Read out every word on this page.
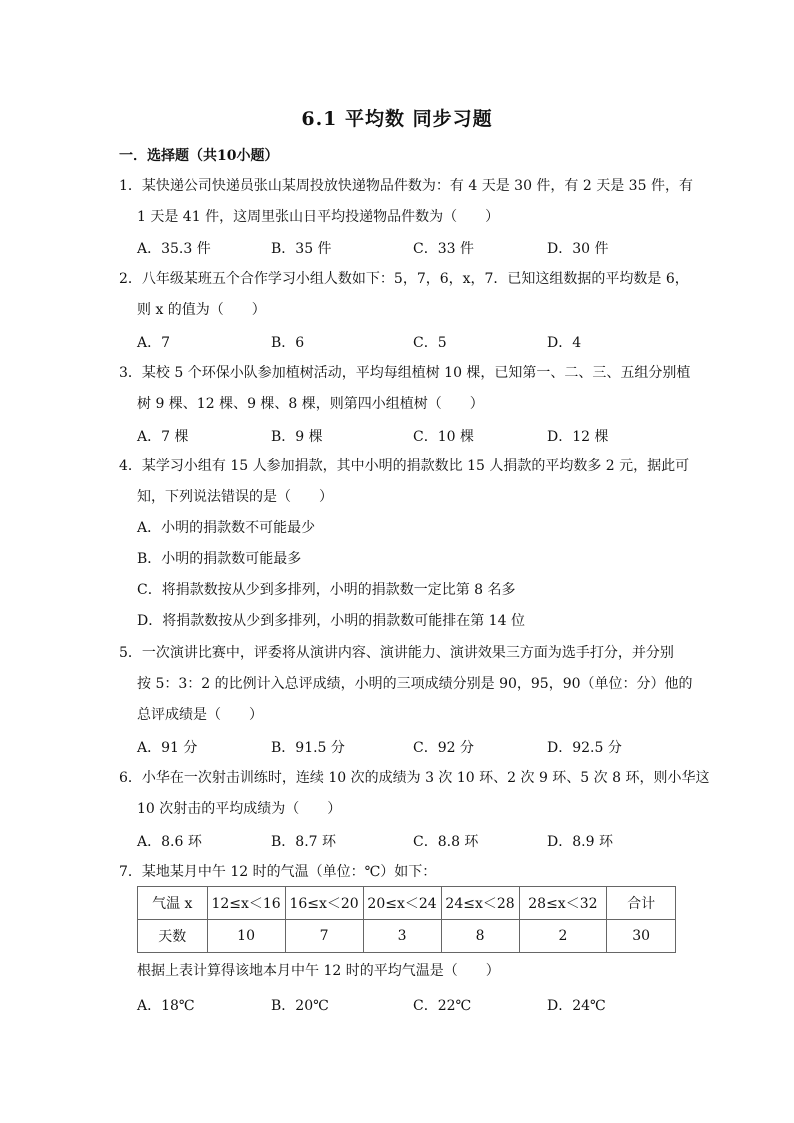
6.1 平均数 同步习题
一．选择题（共10小题）
1．某快递公司快递员张山某周投放快递物品件数为：有 4 天是 30 件，有 2 天是 35 件，有
1 天是 41 件，这周里张山日平均投递物品件数为（　　）
A．35.3 件	B．35 件	C．33 件	D．30 件
2．八年级某班五个合作学习小组人数如下：5，7，6，x，7．已知这组数据的平均数是 6，
则 x 的值为（　　）
A．7	B．6	C．5	D．4
3．某校 5 个环保小队参加植树活动，平均每组植树 10 棵，已知第一、二、三、五组分别植
树 9 棵、12 棵、9 棵、8 棵，则第四小组植树（　　）
A．7 棵	B．9 棵	C．10 棵	D．12 棵
4．某学习小组有 15 人参加捐款，其中小明的捐款数比 15 人捐款的平均数多 2 元，据此可
知，下列说法错误的是（　　）
A．小明的捐款数不可能最少
B．小明的捐款数可能最多
C．将捐款数按从少到多排列，小明的捐款数一定比第 8 名多
D．将捐款数按从少到多排列，小明的捐款数可能排在第 14 位
5．一次演讲比赛中，评委将从演讲内容、演讲能力、演讲效果三方面为选手打分，并分别
按 5：3：2 的比例计入总评成绩，小明的三项成绩分别是 90，95，90（单位：分）他的
总评成绩是（　　）
A．91 分	B．91.5 分	C．92 分	D．92.5 分
6．小华在一次射击训练时，连续 10 次的成绩为 3 次 10 环、2 次 9 环、5 次 8 环，则小华这
10 次射击的平均成绩为（　　）
A．8.6 环	B．8.7 环	C．8.8 环	D．8.9 环
7．某地某月中午 12 时的气温（单位：℃）如下：
气温 x	12≤x＜16	16≤x＜20	20≤x＜24	24≤x＜28	28≤x＜32	合计
天数	10	7	3	8	2	30
根据上表计算得该地本月中午 12 时的平均气温是（　　）
A．18℃	B．20℃	C．22℃	D．24℃
